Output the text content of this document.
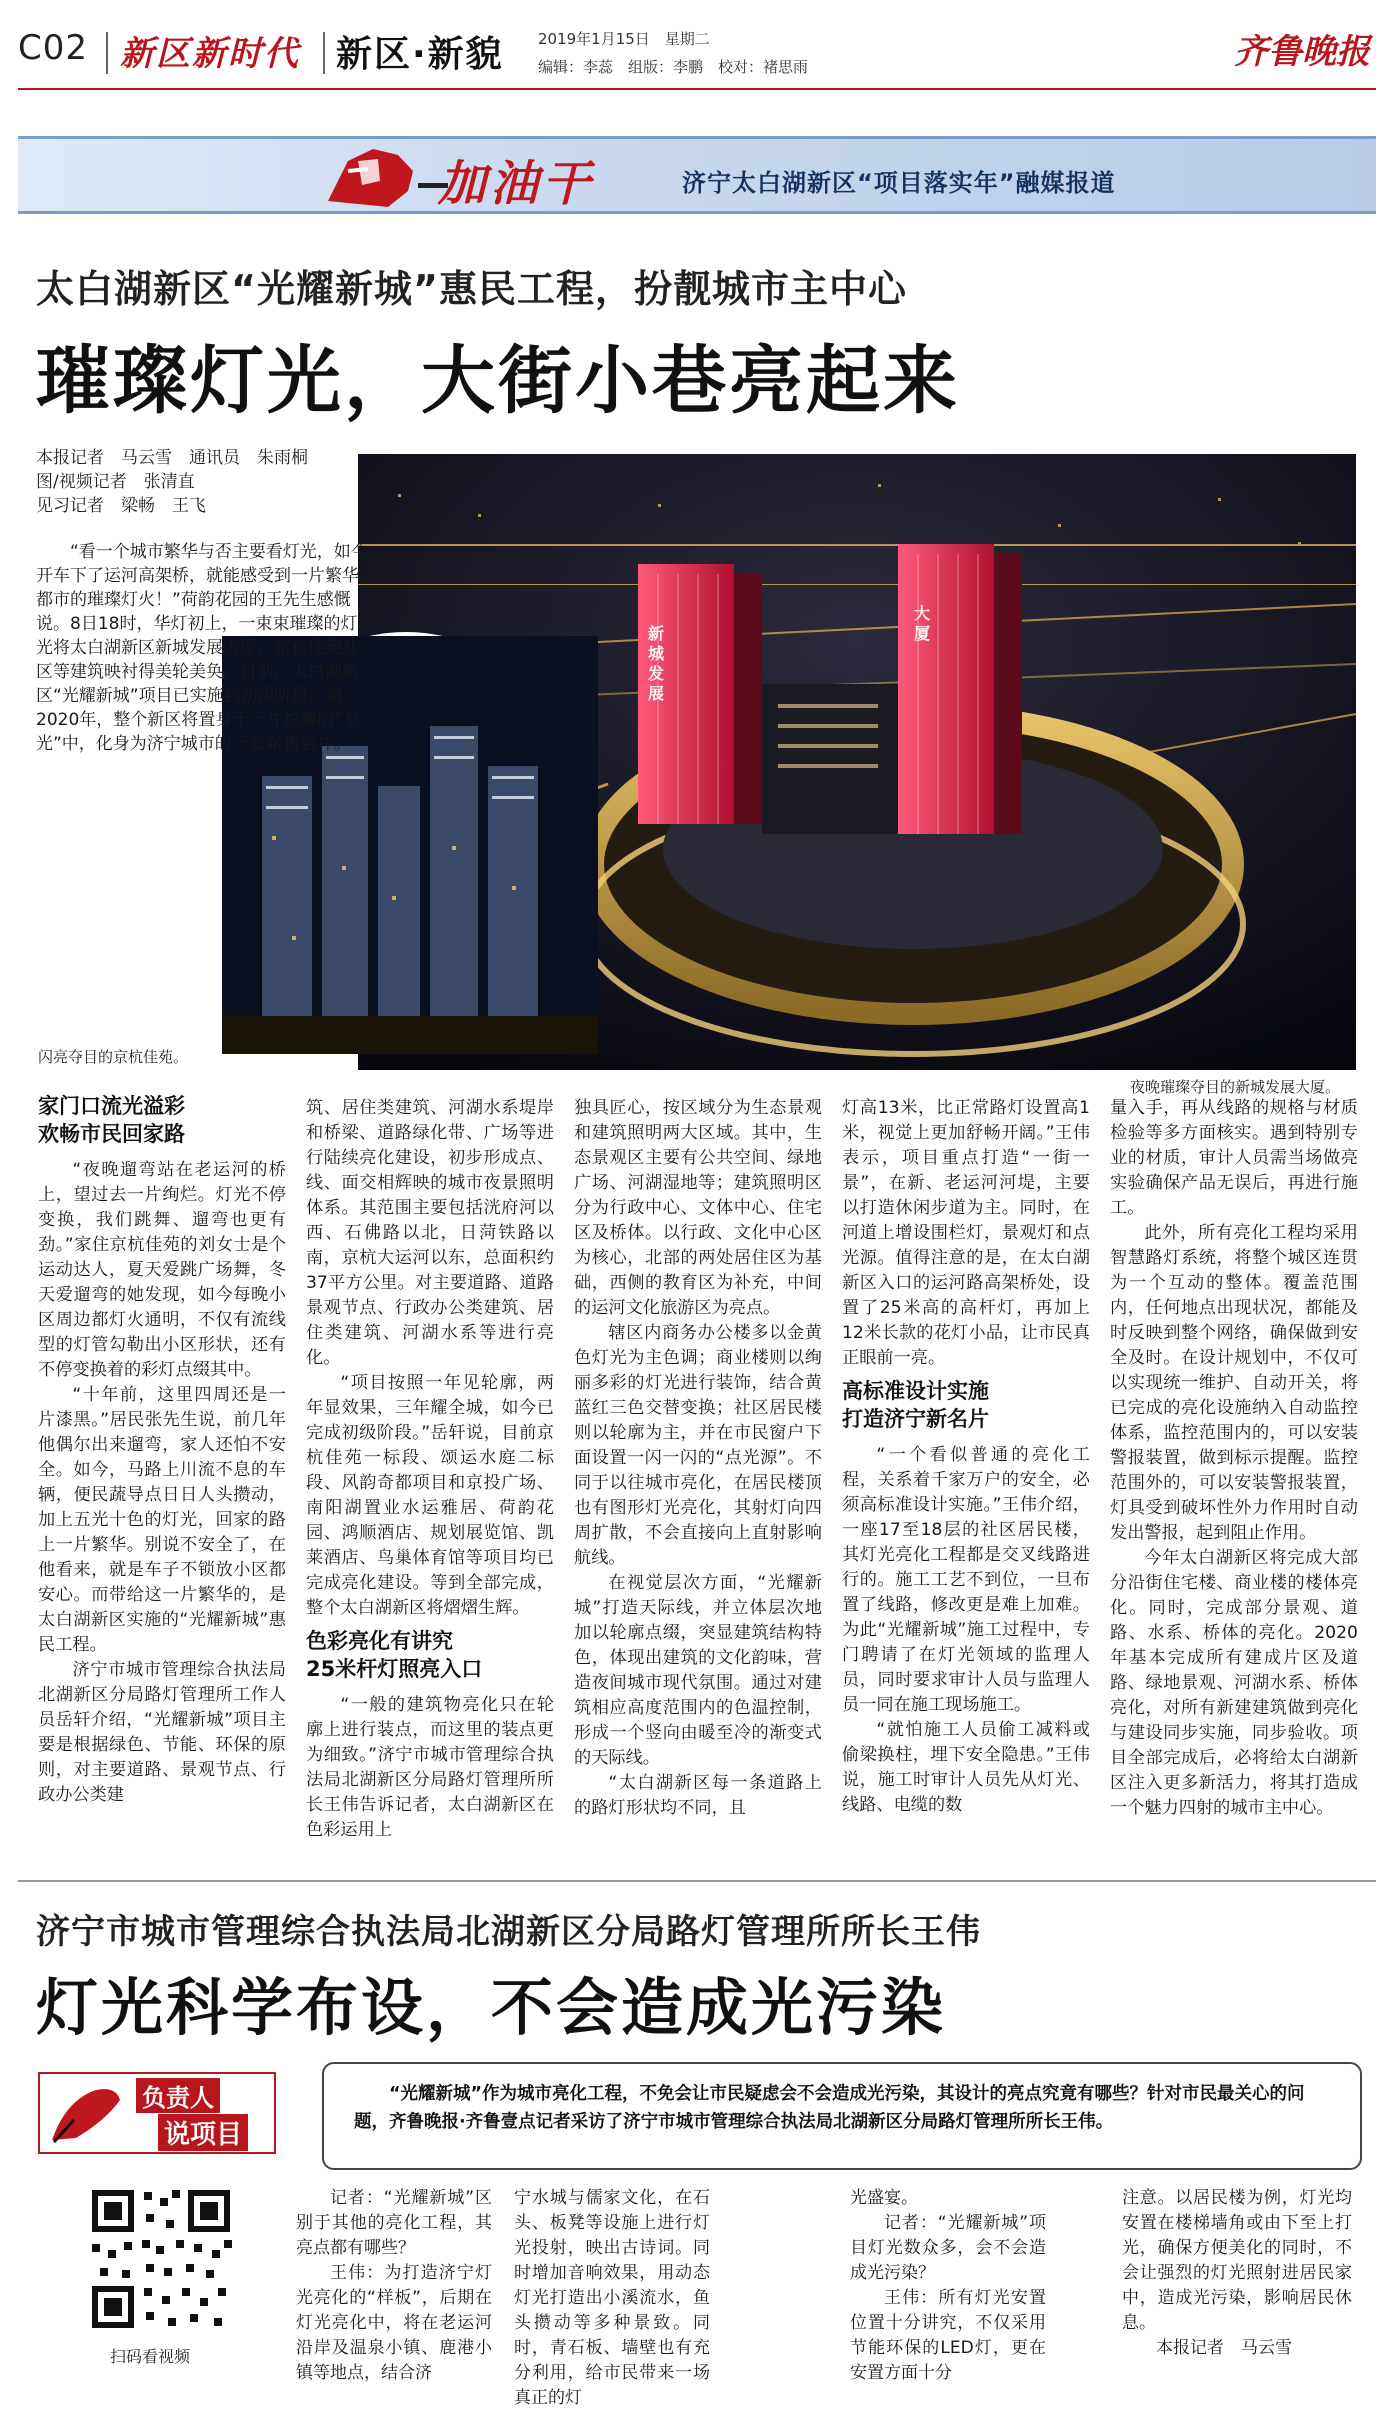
C02 新区新时代 新区·新貌 2019年1月15日　星期二
编辑：李蕊　组版：李鹏　校对：褚思雨	齐鲁晚报
加油干	济宁太白湖新区“项目落实年”融媒报道
太白湖新区“光耀新城”惠民工程，扮靓城市主中心
璀璨灯光，大街小巷亮起来
本报记者　马云雪　通讯员　朱雨桐
图/视频记者　张清直
见习记者　梁畅　王飞
新城发展
大厦
“看一个城市繁华与否主要看灯光，如今开车下了运河高架桥，就能感受到一片繁华都市的璀璨灯火！”荷韵花园的王先生感慨说。8日18时，华灯初上，一束束璀璨的灯光将太白湖新区新城发展大厦、京杭佳苑社区等建筑映衬得美轮美奂。目前，太白湖新区“光耀新城”项目已实施到初级阶段，到2020年，整个新区将置身于一片炫耀的“星光”中，化身为济宁城市的一张崭新名片。
闪亮夺目的京杭佳苑。
夜晚璀璨夺目的新城发展大厦。
家门口流光溢彩
欢畅市民回家路

“夜晚遛弯站在老运河的桥上，望过去一片绚烂。灯光不停变换，我们跳舞、遛弯也更有劲。”家住京杭佳苑的刘女士是个运动达人，夏天爱跳广场舞，冬天爱遛弯的她发现，如今每晚小区周边都灯火通明，不仅有流线型的灯管勾勒出小区形状，还有不停变换着的彩灯点缀其中。

“十年前，这里四周还是一片漆黑。”居民张先生说，前几年他偶尔出来遛弯，家人还怕不安全。如今，马路上川流不息的车辆，便民蔬导点日日人头攒动，加上五光十色的灯光，回家的路上一片繁华。别说不安全了，在他看来，就是车子不锁放小区都安心。而带给这一片繁华的，是太白湖新区实施的“光耀新城”惠民工程。

济宁市城市管理综合执法局北湖新区分局路灯管理所工作人员岳轩介绍，“光耀新城”项目主要是根据绿色、节能、环保的原则，对主要道路、景观节点、行政办公类建

筑、居住类建筑、河湖水系堤岸和桥梁、道路绿化带、广场等进行陆续亮化建设，初步形成点、线、面交相辉映的城市夜景照明体系。其范围主要包括洸府河以西、石佛路以北，日菏铁路以南，京杭大运河以东，总面积约37平方公里。对主要道路、道路景观节点、行政办公类建筑、居住类建筑、河湖水系等进行亮化。

“项目按照一年见轮廓，两年显效果，三年耀全城，如今已完成初级阶段。”岳轩说，目前京杭佳苑一标段、颂运水庭二标段、风韵奇都项目和京投广场、南阳湖置业水运雅居、荷韵花园、鸿顺酒店、规划展览馆、凯莱酒店、鸟巢体育馆等项目均已完成亮化建设。等到全部完成，整个太白湖新区将熠熠生辉。

色彩亮化有讲究
25米杆灯照亮入口

“一般的建筑物亮化只在轮廓上进行装点，而这里的装点更为细致。”济宁市城市管理综合执法局北湖新区分局路灯管理所所长王伟告诉记者，太白湖新区在色彩运用上

独具匠心，按区域分为生态景观和建筑照明两大区域。其中，生态景观区主要有公共空间、绿地广场、河湖湿地等；建筑照明区分为行政中心、文体中心、住宅区及桥体。以行政、文化中心区为核心，北部的两处居住区为基础，西侧的教育区为补充，中间的运河文化旅游区为亮点。

辖区内商务办公楼多以金黄色灯光为主色调；商业楼则以绚丽多彩的灯光进行装饰，结合黄蓝红三色交替变换；社区居民楼则以轮廓为主，并在市民窗户下面设置一闪一闪的“点光源”。不同于以往城市亮化，在居民楼顶也有图形灯光亮化，其射灯向四周扩散，不会直接向上直射影响航线。

在视觉层次方面，“光耀新城”打造天际线，并立体层次地加以轮廓点缀，突显建筑结构特色，体现出建筑的文化韵味，营造夜间城市现代氛围。通过对建筑相应高度范围内的色温控制，形成一个竖向由暖至冷的渐变式的天际线。

“太白湖新区每一条道路上的路灯形状均不同，且

灯高13米，比正常路灯设置高1米，视觉上更加舒畅开阔。”王伟表示，项目重点打造“一街一景”，在新、老运河河堤，主要以打造休闲步道为主。同时，在河道上增设围栏灯，景观灯和点光源。值得注意的是，在太白湖新区入口的运河路高架桥处，设置了25米高的高杆灯，再加上12米长款的花灯小品，让市民真正眼前一亮。

高标准设计实施
打造济宁新名片

“一个看似普通的亮化工程，关系着千家万户的安全，必须高标准设计实施。”王伟介绍，一座17至18层的社区居民楼，其灯光亮化工程都是交叉线路进行的。施工工艺不到位，一旦布置了线路，修改更是难上加难。为此“光耀新城”施工过程中，专门聘请了在灯光领域的监理人员，同时要求审计人员与监理人员一同在施工现场施工。

“就怕施工人员偷工减料或偷梁换柱，埋下安全隐患。”王伟说，施工时审计人员先从灯光、线路、电缆的数

量入手，再从线路的规格与材质检验等多方面核实。遇到特别专业的材质，审计人员需当场做亮实验确保产品无误后，再进行施工。

此外，所有亮化工程均采用智慧路灯系统，将整个城区连贯为一个互动的整体。覆盖范围内，任何地点出现状况，都能及时反映到整个网络，确保做到安全及时。在设计规划中，不仅可以实现统一维护、自动开关，将已完成的亮化设施纳入自动监控体系，监控范围内的，可以安装警报装置，做到标示提醒。监控范围外的，可以安装警报装置，灯具受到破坏性外力作用时自动发出警报，起到阻止作用。

今年太白湖新区将完成大部分沿街住宅楼、商业楼的楼体亮化。同时，完成部分景观、道路、水系、桥体的亮化。2020年基本完成所有建成片区及道路、绿地景观、河湖水系、桥体亮化，对所有新建建筑做到亮化与建设同步实施，同步验收。项目全部完成后，必将给太白湖新区注入更多新活力，将其打造成一个魅力四射的城市主中心。

济宁市城市管理综合执法局北湖新区分局路灯管理所所长王伟
灯光科学布设，不会造成光污染
负责人
说项目
“光耀新城”作为城市亮化工程，不免会让市民疑虑会不会造成光污染，其设计的亮点究竟有哪些？针对市民最关心的问题，齐鲁晚报·齐鲁壹点记者采访了济宁市城市管理综合执法局北湖新区分局路灯管理所所长王伟。
扫码看视频

记者：“光耀新城”区别于其他的亮化工程，其亮点都有哪些？

王伟：为打造济宁灯光亮化的“样板”，后期在灯光亮化中，将在老运河沿岸及温泉小镇、鹿港小镇等地点，结合济

宁水城与儒家文化，在石头、板凳等设施上进行灯光投射，映出古诗词。同时增加音响效果，用动态灯光打造出小溪流水，鱼头攒动等多种景致。同时，青石板、墙壁也有充分利用，给市民带来一场真正的灯

光盛宴。

记者：“光耀新城”项目灯光数众多，会不会造成光污染？

王伟：所有灯光安置位置十分讲究，不仅采用节能环保的LED灯，更在安置方面十分

注意。以居民楼为例，灯光均安置在楼梯墙角或由下至上打光，确保方便美化的同时，不会让强烈的灯光照射进居民家中，造成光污染，影响居民休息。

本报记者　马云雪
